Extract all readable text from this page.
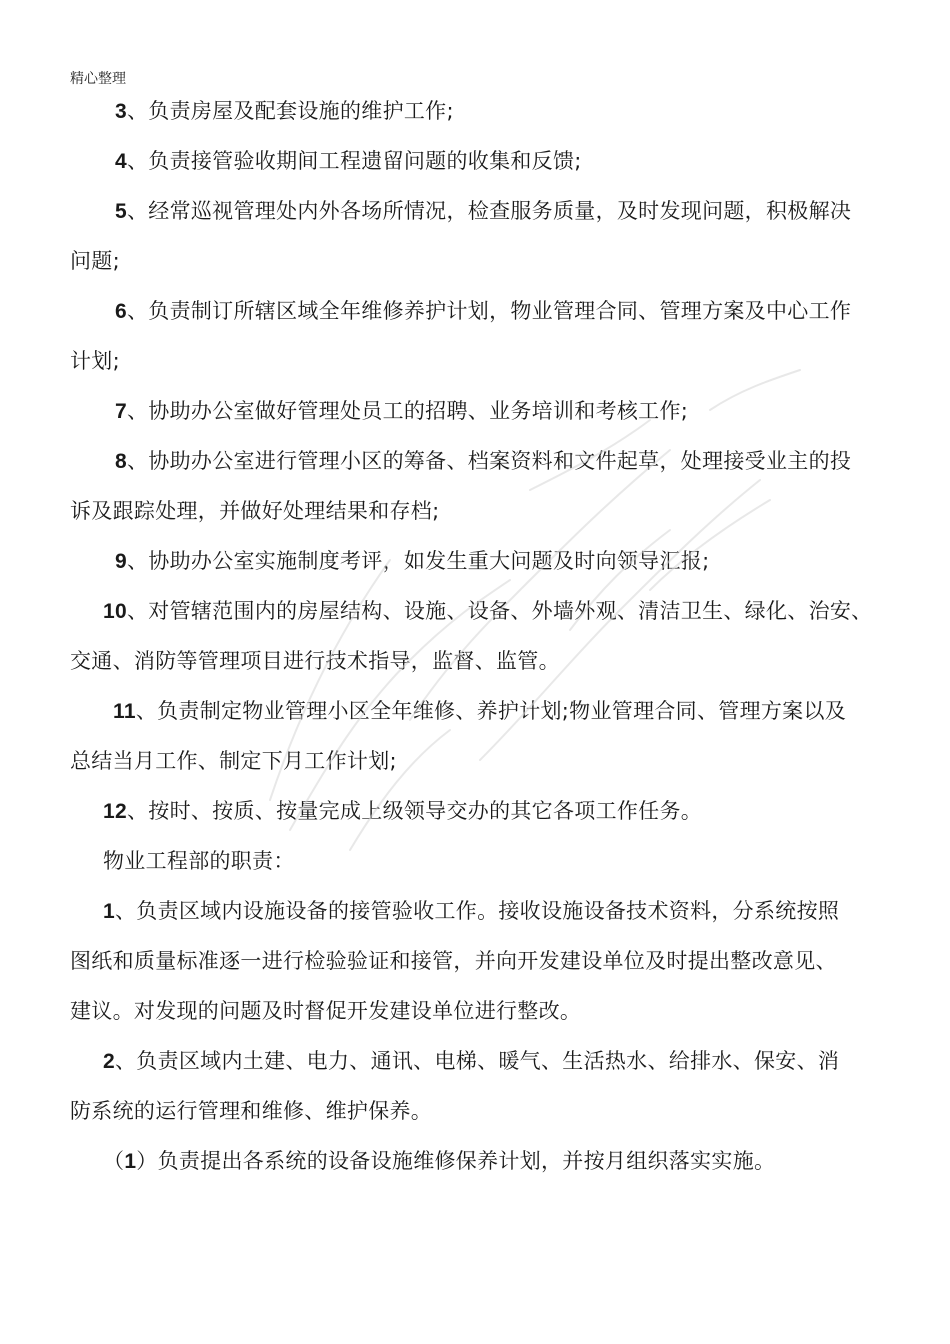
精心整理
3、负责房屋及配套设施的维护工作;
4、负责接管验收期间工程遗留问题的收集和反馈;
5、经常巡视管理处内外各场所情况，检查服务质量，及时发现问题，积极解决
问题;
6、负责制订所辖区域全年维修养护计划，物业管理合同、管理方案及中心工作
计划;
7、协助办公室做好管理处员工的招聘、业务培训和考核工作;
8、协助办公室进行管理小区的筹备、档案资料和文件起草，处理接受业主的投
诉及跟踪处理，并做好处理结果和存档;
9、协助办公室实施制度考评，如发生重大问题及时向领导汇报;
10、对管辖范围内的房屋结构、设施、设备、外墙外观、清洁卫生、绿化、治安、
交通、消防等管理项目进行技术指导，监督、监管。
11、负责制定物业管理小区全年维修、养护计划;物业管理合同、管理方案以及
总结当月工作、制定下月工作计划;
12、按时、按质、按量完成上级领导交办的其它各项工作任务。
物业工程部的职责：
1、负责区域内设施设备的接管验收工作。接收设施设备技术资料，分系统按照
图纸和质量标准逐一进行检验验证和接管，并向开发建设单位及时提出整改意见、
建议。对发现的问题及时督促开发建设单位进行整改。
2、负责区域内土建、电力、通讯、电梯、暖气、生活热水、给排水、保安、消
防系统的运行管理和维修、维护保养。
（1）负责提出各系统的设备设施维修保养计划，并按月组织落实实施。
